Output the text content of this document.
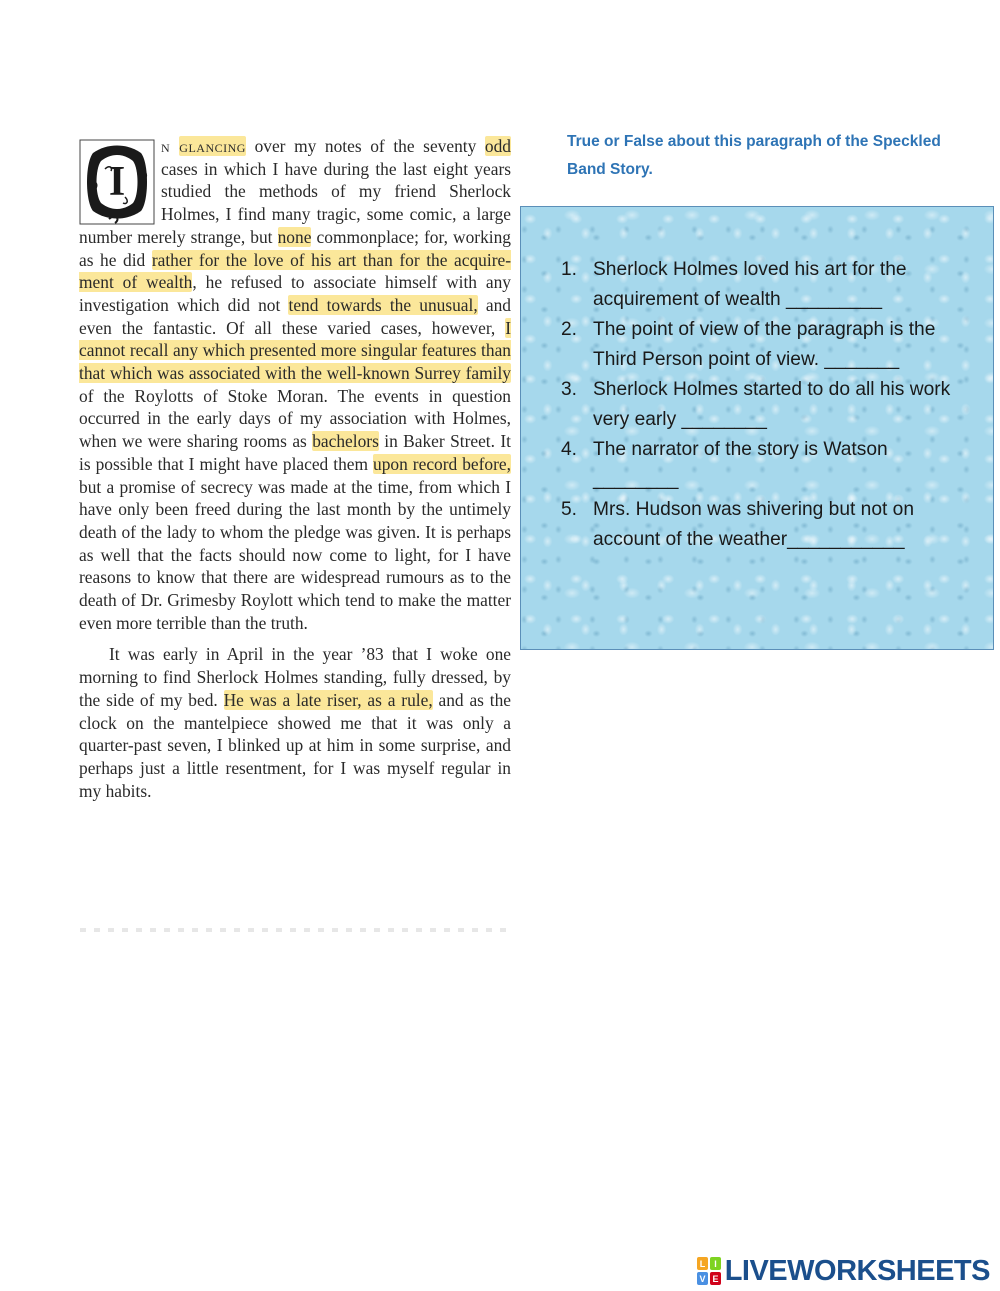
I

n glancing over my notes of the seventy odd cases in which I have during the last eight years studied the methods of my friend Sherlock Holmes, I find many tragic, some comic, a large number merely strange, but none commonplace; for, working as he did rather for the love of his art than for the acquirement of wealth, he refused to associate himself with any investigation which did not tend towards the unusual, and even the fantastic. Of all these varied cases, however, I cannot recall any which presented more singular features than that which was associated with the well-known Surrey family of the Roylotts of Stoke Moran. The events in question occurred in the early days of my association with Holmes, when we were sharing rooms as bachelors in Baker Street. It is possible that I might have placed them upon record before, but a promise of secrecy was made at the time, from which I have only been freed during the last month by the untimely death of the lady to whom the pledge was given. It is perhaps as well that the facts should now come to light, for I have reasons to know that there are widespread rumours as to the death of Dr. Grimesby Roylott which tend to make the matter even more terrible than the truth.

It was early in April in the year ’83 that I woke one morning to find Sherlock Holmes standing, fully dressed, by the side of my bed. He was a late riser, as a rule, and as the clock on the mantelpiece showed me that it was only a quarter-past seven, I blinked up at him in some surprise, and perhaps just a little resentment, for I was myself regular in my habits.

True or False about this paragraph of the Speckled
Band Story.
1. Sherlock Holmes loved his art for the acquirement of wealth _________
2. The point of view of the paragraph is the Third Person point of view. _______
3. Sherlock Holmes started to do all his work very early ________
4. The narrator of the story is Watson ________
5. Mrs. Hudson was shivering but not on account of the weather___________
L I
V E LIVEWORKSHEETS
